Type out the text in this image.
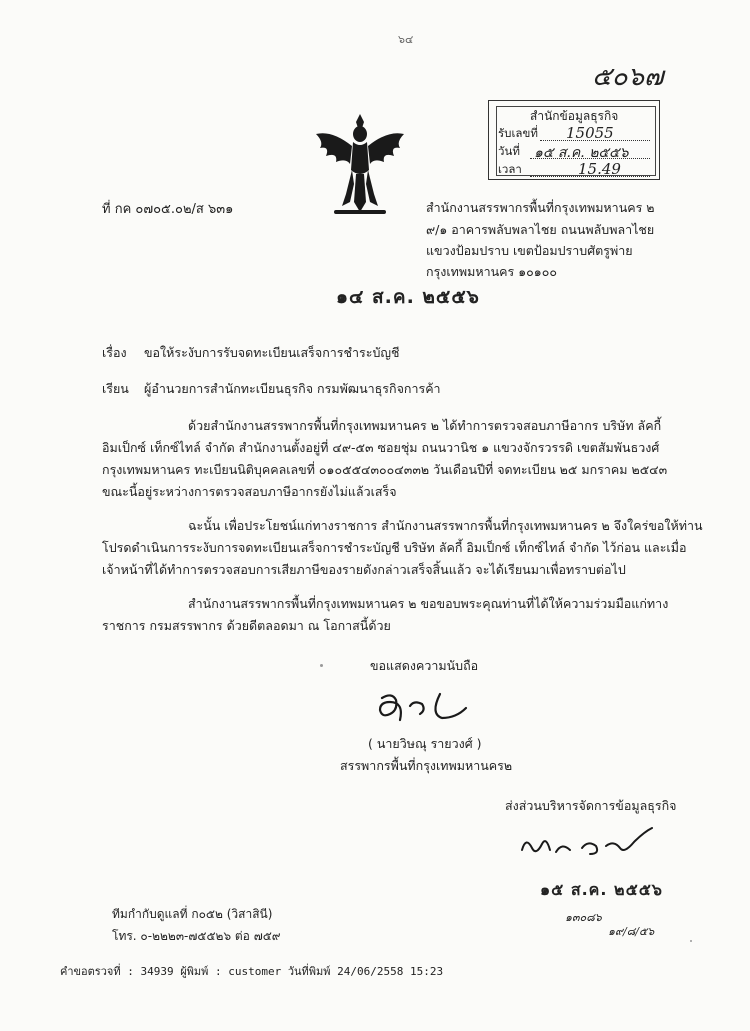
๖๔
๕๐๖๗
สำนักข้อมูลธุรกิจ
รับเลขที่ 15055
วันที่ ๑๕ ส.ค. ๒๕๕๖
เวลา	15.49
ที่ กค ๐๗๐๕.๐๒/ส ๖๓๑	สำนักงานสรรพากรพื้นที่กรุงเทพมหานคร ๒
๙/๑ อาคารพลับพลาไชย ถนนพลับพลาไชย
แขวงป้อมปราบ เขตป้อมปราบศัตรูพ่าย
กรุงเทพมหานคร ๑๐๑๐๐
๑๔ ส.ค. ๒๕๕๖
เรื่อง ขอให้ระงับการรับจดทะเบียนเสร็จการชำระบัญชี
เรียน ผู้อำนวยการสำนักทะเบียนธุรกิจ กรมพัฒนาธุรกิจการค้า
ด้วยสำนักงานสรรพากรพื้นที่กรุงเทพมหานคร ๒ ได้ทำการตรวจสอบภาษีอากร บริษัท ลัคกี้
อิมเป็กซ์ เท็กซ์ไทล์ จำกัด สำนักงานตั้งอยู่ที่ ๔๙-๕๓ ซอยชุ่ม ถนนวานิช ๑ แขวงจักรวรรดิ เขตสัมพันธวงศ์
กรุงเทพมหานคร ทะเบียนนิติบุคคลเลขที่ ๐๑๐๕๕๔๓๐๐๔๓๓๒ วันเดือนปีที่ จดทะเบียน ๒๕ มกราคม ๒๕๔๓
ขณะนี้อยู่ระหว่างการตรวจสอบภาษีอากรยังไม่แล้วเสร็จ
ฉะนั้น เพื่อประโยชน์แก่ทางราชการ สำนักงานสรรพากรพื้นที่กรุงเทพมหานคร ๒ จึงใคร่ขอให้ท่าน
โปรดดำเนินการระงับการจดทะเบียนเสร็จการชำระบัญชี บริษัท ลัคกี้ อิมเป็กซ์ เท็กซ์ไทล์ จำกัด ไว้ก่อน และเมื่อ
เจ้าหน้าที่ได้ทำการตรวจสอบการเสียภาษีของรายดังกล่าวเสร็จสิ้นแล้ว จะได้เรียนมาเพื่อทราบต่อไป
สำนักงานสรรพากรพื้นที่กรุงเทพมหานคร ๒ ขอขอบพระคุณท่านที่ได้ให้ความร่วมมือแก่ทาง
ราชการ กรมสรรพากร ด้วยดีตลอดมา ณ โอกาสนี้ด้วย
ขอแสดงความนับถือ
( นายวิษณุ รายวงศ์ )
สรรพากรพื้นที่กรุงเทพมหานคร๒
ส่งส่วนบริหารจัดการข้อมูลธุรกิจ
๑๕ ส.ค. ๒๕๕๖
๑๓๐๘๖
๑๙/๘/๕๖
ทีมกำกับดูแลที่ ก๐๕๒ (วิสาสินี)
โทร. ๐-๒๒๒๓-๗๕๕๒๖ ต่อ ๗๕๙
คำขอตรวจที่ : 34939 ผู้พิมพ์ : customer วันที่พิมพ์ 24/06/2558 15:23
